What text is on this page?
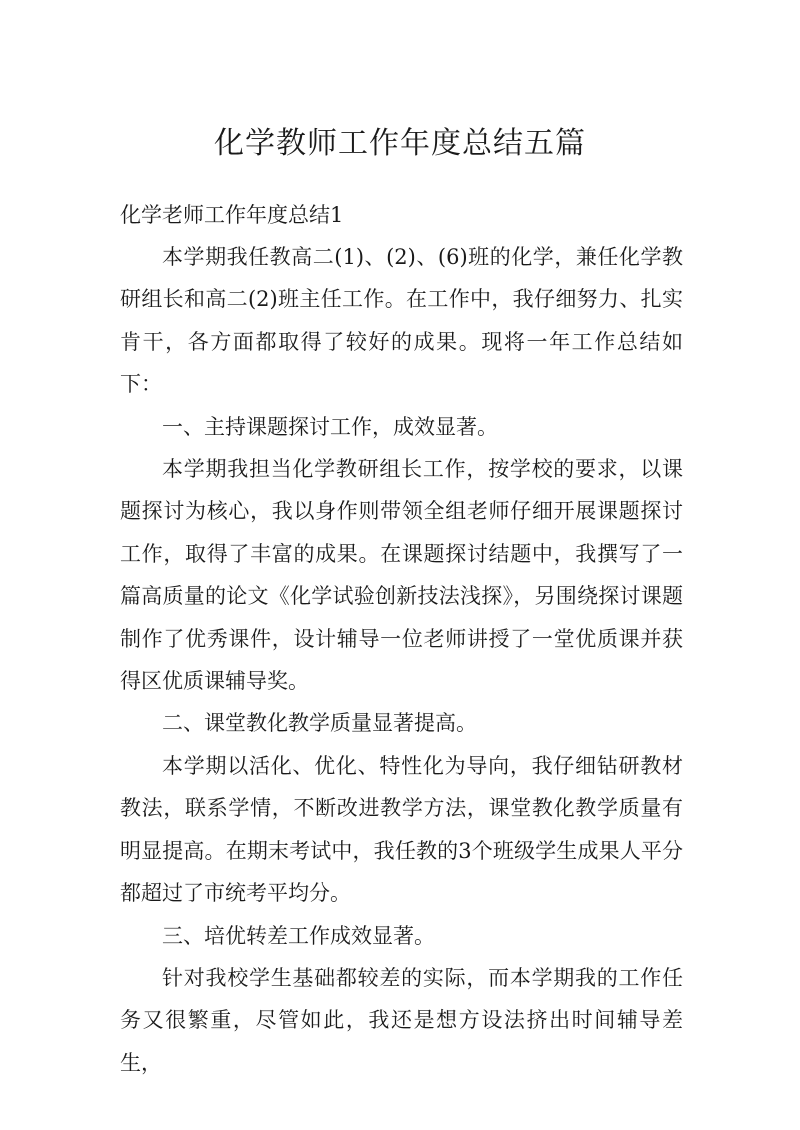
化学教师工作年度总结五篇
化学老师工作年度总结1

本学期我任教高二(1)、(2)、(6)班的化学，兼任化学教研组长和高二(2)班主任工作。在工作中，我仔细努力、扎实肯干，各方面都取得了较好的成果。现将一年工作总结如下：

一、主持课题探讨工作，成效显著。

本学期我担当化学教研组长工作，按学校的要求，以课题探讨为核心，我以身作则带领全组老师仔细开展课题探讨工作，取得了丰富的成果。在课题探讨结题中，我撰写了一篇高质量的论文《化学试验创新技法浅探》，另围绕探讨课题制作了优秀课件，设计辅导一位老师讲授了一堂优质课并获得区优质课辅导奖。

二、课堂教化教学质量显著提高。

本学期以活化、优化、特性化为导向，我仔细钻研教材教法，联系学情，不断改进教学方法，课堂教化教学质量有明显提高。在期末考试中，我任教的3个班级学生成果人平分都超过了市统考平均分。

三、培优转差工作成效显著。

针对我校学生基础都较差的实际，而本学期我的工作任务又很繁重，尽管如此，我还是想方设法挤出时间辅导差生，
